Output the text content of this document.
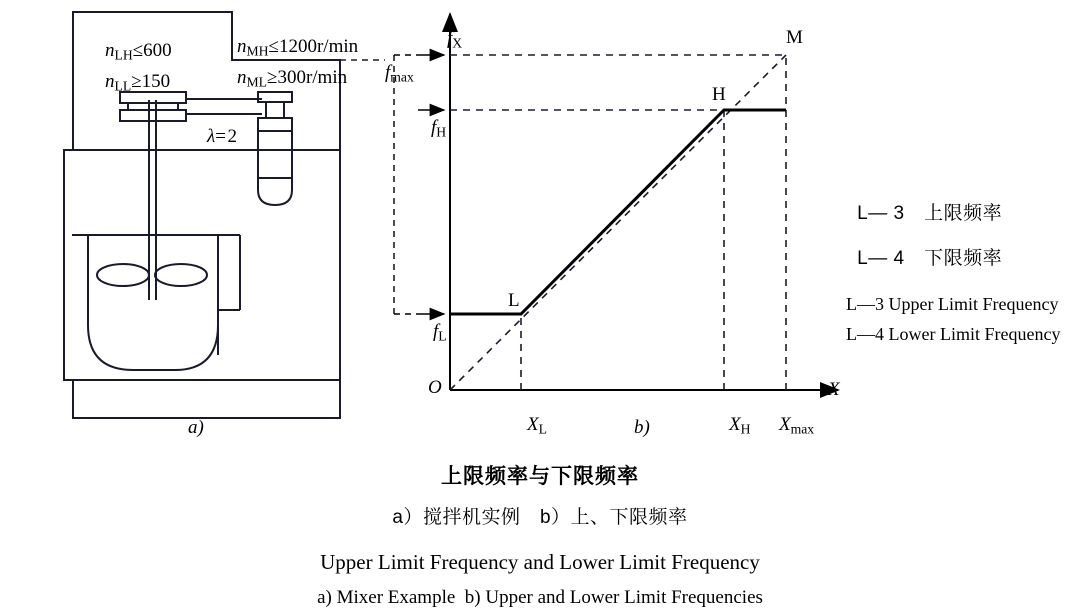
$n_{LH}\le 600$

$n_{LL}\ge 150$

$n_{MH}\le 1200r/\min$

$n_{ML}\ge 300r/\min$

λ= 2

a)

$f_X$

X
O

$f_{max}$

$f_H$

$f_L$

$X_L$
	$X_H$
	$X_{max}$

L
H
M
b)

L— 3　 上限频率

L— 4　 下限频率

L—3 Upper Limit Frequency

L—4 Lower Limit Frequency

上限频率与下限频率
a）搅拌机实例　b）上、下限频率
Upper Limit Frequency and Lower Limit Frequency
a) Mixer Example  b) Upper and Lower Limit Frequencies
